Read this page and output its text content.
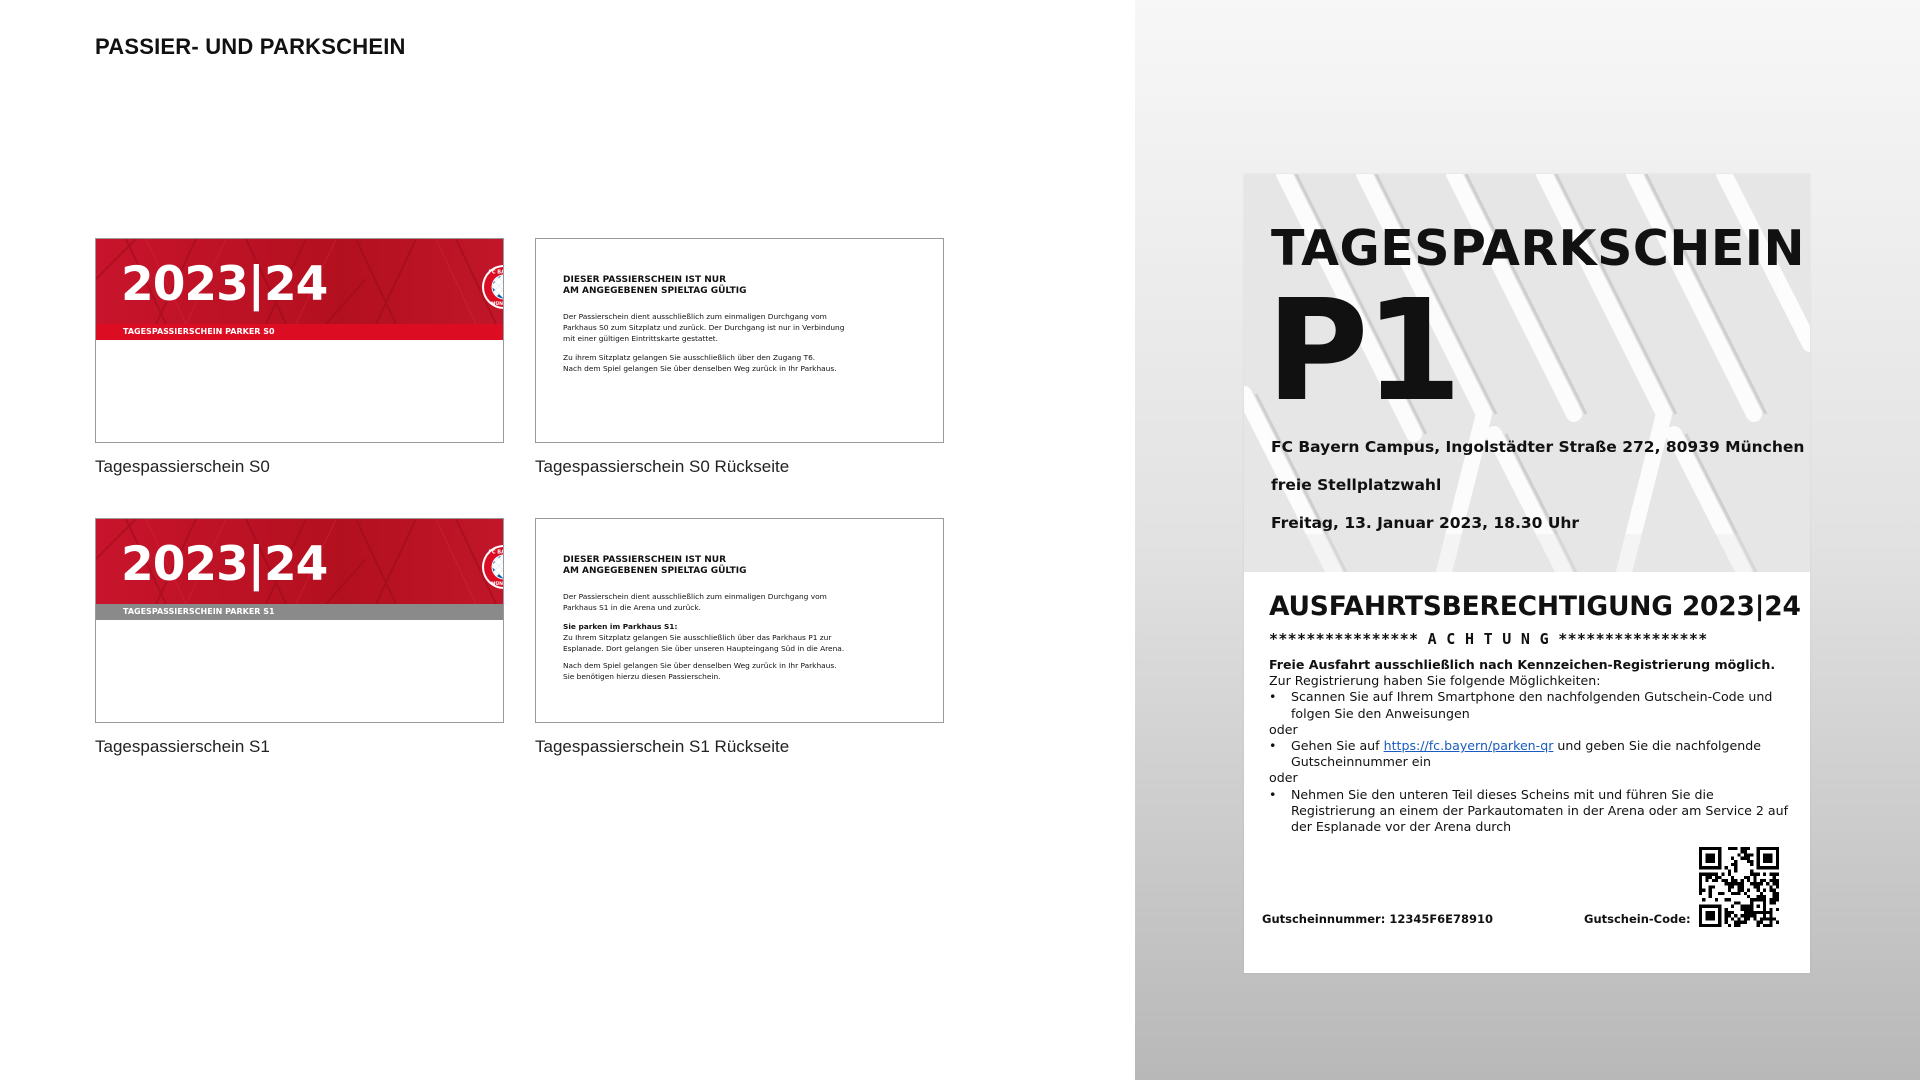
PASSIER- UND PARKSCHEIN
2023|24	FC BAYERN
MÜNCHEN
TAGESPASSIERSCHEIN PARKER S0
Tagespassierschein S0
DIESER PASSIERSCHEIN IST NUR
AM ANGEGEBENEN SPIELTAG GÜLTIG

Der Passierschein dient ausschließlich zum einmaligen Durchgang vom
Parkhaus S0 zum Sitzplatz und zurück. Der Durchgang ist nur in Verbindung
mit einer gültigen Eintrittskarte gestattet.

Zu ihrem Sitzplatz gelangen Sie ausschließlich über den Zugang T6.
Nach dem Spiel gelangen Sie über denselben Weg zurück in Ihr Parkhaus.

Tagespassierschein S0 Rückseite
2023|24	FC BAYERN
MÜNCHEN
TAGESPASSIERSCHEIN PARKER S1
Tagespassierschein S1
DIESER PASSIERSCHEIN IST NUR
AM ANGEGEBENEN SPIELTAG GÜLTIG

Der Passierschein dient ausschließlich zum einmaligen Durchgang vom
Parkhaus S1 in die Arena und zurück.

Sie parken im Parkhaus S1:
Zu Ihrem Sitzplatz gelangen Sie ausschließlich über das Parkhaus P1 zur
Esplanade. Dort gelangen Sie über unseren Haupteingang Süd in die Arena.

Nach dem Spiel gelangen Sie über denselben Weg zurück in Ihr Parkhaus.
Sie benötigen hierzu diesen Passierschein.

Tagespassierschein S1 Rückseite
TAGESPARKSCHEIN
P1
FC Bayern Campus, Ingolstädter Straße 272, 80939 München
freie Stellplatzwahl
Freitag, 13. Januar 2023, 18.30 Uhr
AUSFAHRTSBERECHTIGUNG 2023|24
**************** A C H T U N G ****************
Freie Ausfahrt ausschließlich nach Kennzeichen-Registrierung möglich.
Zur Registrierung haben Sie folgende Möglichkeiten:
• Scannen Sie auf Ihrem Smartphone den nachfolgenden Gutschein-Code und folgen Sie den Anweisungen
oder
• Gehen Sie auf https://fc.bayern/parken-qr und geben Sie die nachfolgende Gutscheinnummer ein
oder
• Nehmen Sie den unteren Teil dieses Scheins mit und führen Sie die Registrierung an einem der Parkautomaten in der Arena oder am Service 2 auf der Esplanade vor der Arena durch
Gutscheinnummer: 12345F6E78910	Gutschein-Code:
